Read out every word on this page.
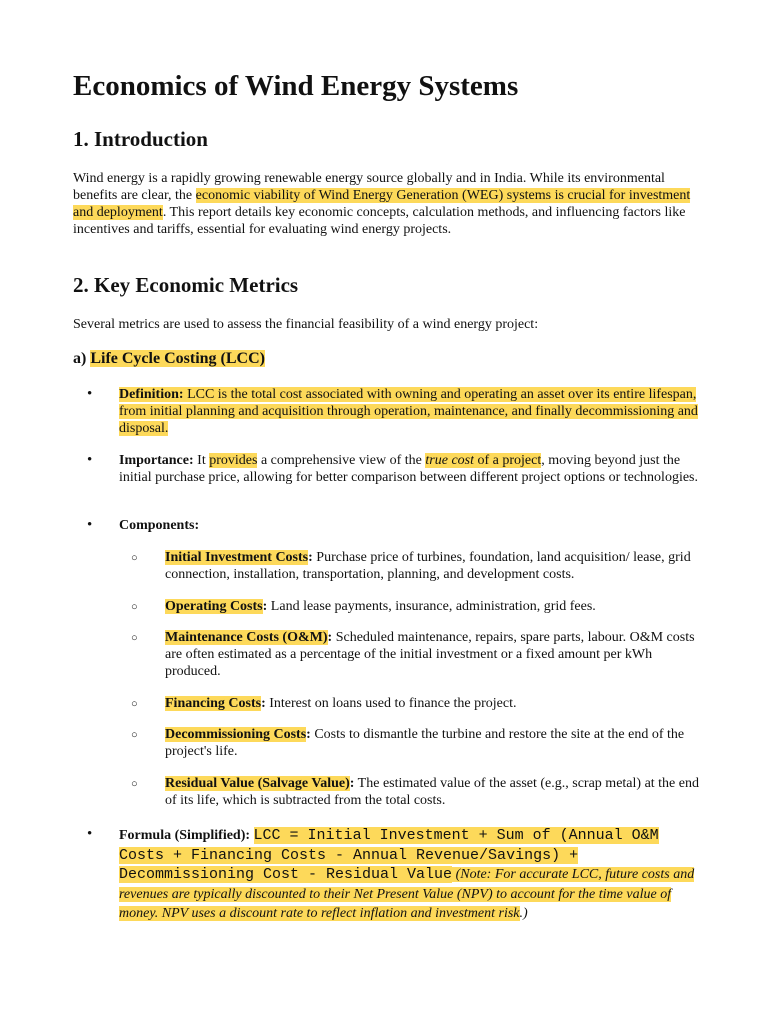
Economics of Wind Energy Systems
1. Introduction

Wind energy is a rapidly growing renewable energy source globally and in India. While its environmental benefits are clear, the economic viability of Wind Energy Generation (WEG) systems is crucial for investment and deployment. This report details key economic concepts, calculation methods, and influencing factors like incentives and tariffs, essential for evaluating wind energy projects.

2. Key Economic Metrics

Several metrics are used to assess the financial feasibility of a wind energy project:

a) Life Cycle Costing (LCC)
• Definition: LCC is the total cost associated with owning and operating an asset over its entire lifespan, from initial planning and acquisition through operation, maintenance, and finally decommissioning and disposal.
• Importance: It provides a comprehensive view of the true cost of a project, moving beyond just the initial purchase price, allowing for better comparison between different project options or technologies.
• Components:
○ Initial Investment Costs: Purchase price of turbines, foundation, land acquisition/ lease, grid connection, installation, transportation, planning, and development costs.
○ Operating Costs: Land lease payments, insurance, administration, grid fees.
○ Maintenance Costs (O&M): Scheduled maintenance, repairs, spare parts, labour. O&M costs are often estimated as a percentage of the initial investment or a fixed amount per kWh produced.
○ Financing Costs: Interest on loans used to finance the project.
○ Decommissioning Costs: Costs to dismantle the turbine and restore the site at the end of the project's life.
○ Residual Value (Salvage Value): The estimated value of the asset (e.g., scrap metal) at the end of its life, which is subtracted from the total costs.
• Formula (Simplified): LCC = Initial Investment + Sum of (Annual O&M Costs + Financing Costs - Annual Revenue/Savings) + Decommissioning Cost - Residual Value (Note: For accurate LCC, future costs and revenues are typically discounted to their Net Present Value (NPV) to account for the time value of money. NPV uses a discount rate to reflect inflation and investment risk.)
